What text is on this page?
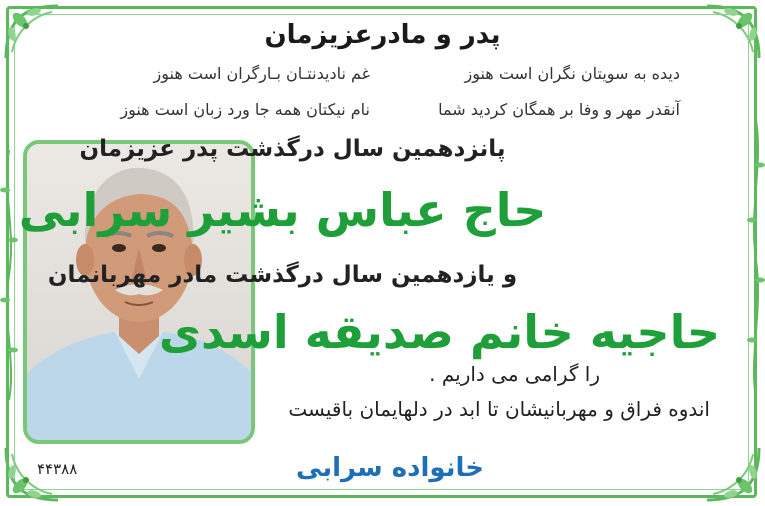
پدر و مادرعزیزمان
دیده به سویتان نگران است هنوز
غم نادیدنتـان بـارگران است هنوز
آنقدر مهر و وفا بر همگان کردید شما
نام نیکتان همه جا ورد زبان است هنوز
پانزدهمین سال درگذشت پدر عزیزمان
حاج عباس بشیر سرابی
و یازدهمین سال درگذشت مادر مهربانمان
حاجیه خانم صدیقه اسدی
را گرامی می داریم .
اندوه فراق و مهربانیشان تا ابد در دلهایمان باقیست
خانواده سرابی
۴۴۳۸۸
